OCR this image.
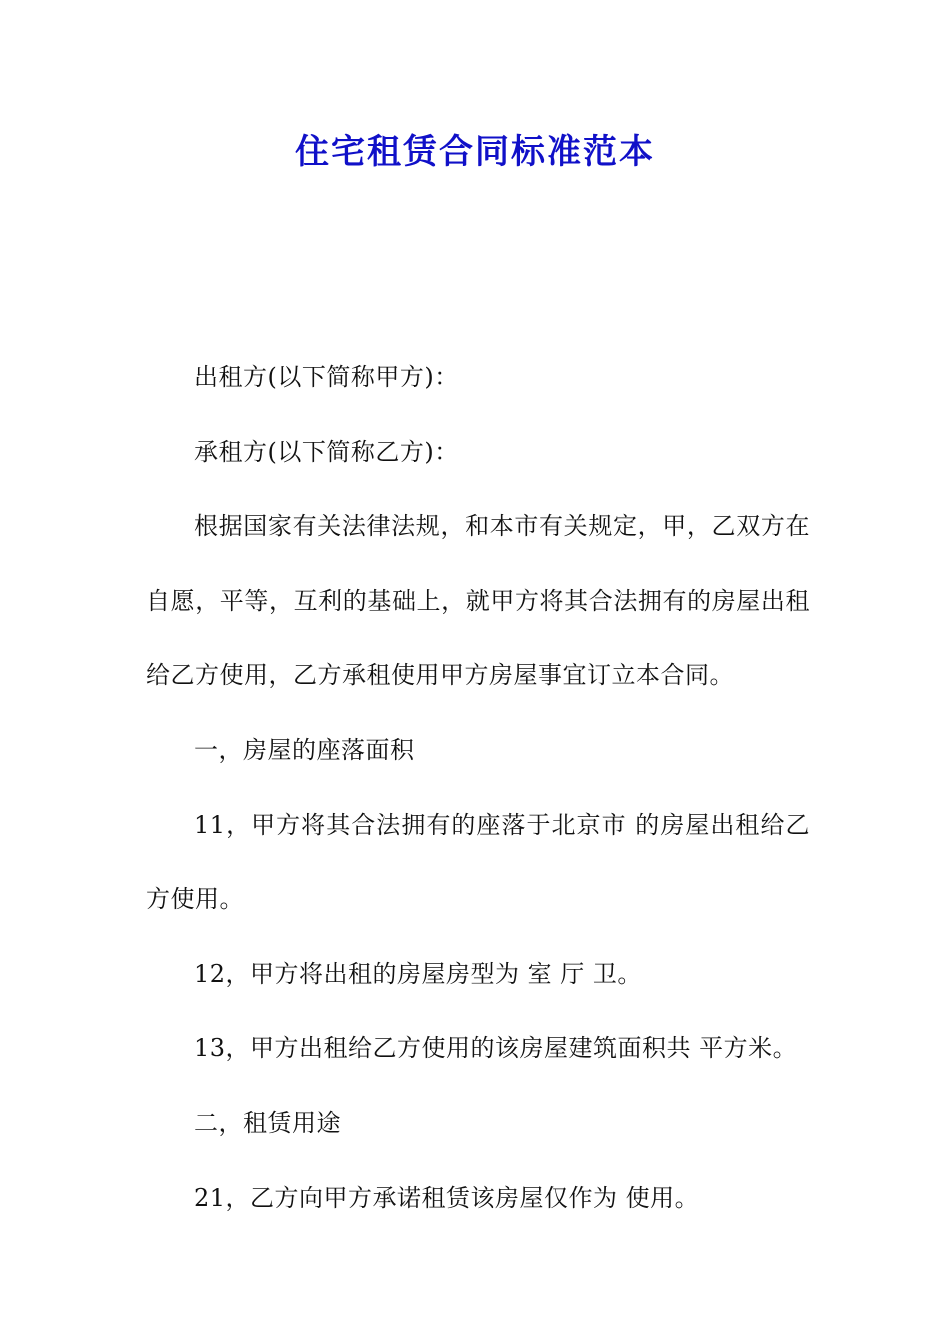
住宅租赁合同标准范本

出租方(以下简称甲方)：

承租方(以下简称乙方)：

根据国家有关法律法规，和本市有关规定，甲，乙双方在自愿，平等，互利的基础上，就甲方将其合法拥有的房屋出租给乙方使用，乙方承租使用甲方房屋事宜订立本合同。

一，房屋的座落面积

11，甲方将其合法拥有的座落于北京市 的房屋出租给乙方使用。

12，甲方将出租的房屋房型为 室 厅 卫。

13，甲方出租给乙方使用的该房屋建筑面积共 平方米。

二，租赁用途

21，乙方向甲方承诺租赁该房屋仅作为 使用。
